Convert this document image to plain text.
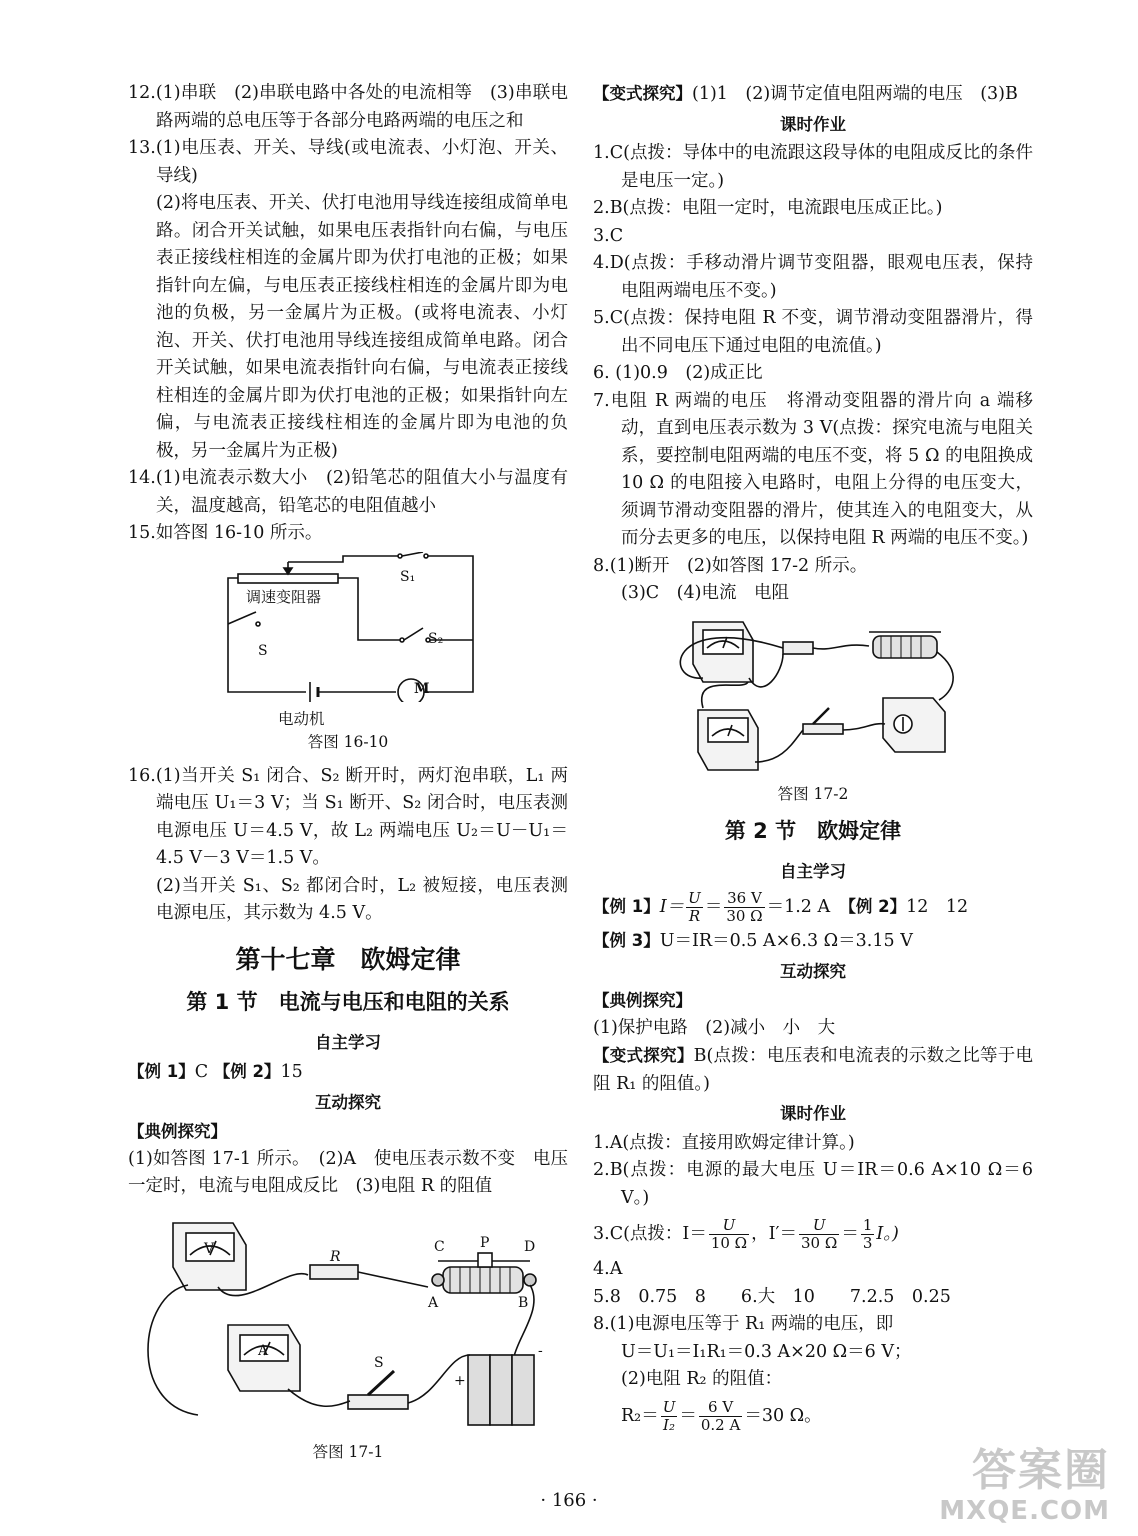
12.(1)串联　(2)串联电路中各处的电流相等　(3)串联电路两端的总电压等于各部分电路两端的电压之和

13.(1)电压表、开关、导线(或电流表、小灯泡、开关、导线)

(2)将电压表、开关、伏打电池用导线连接组成简单电路。闭合开关试触，如果电压表指针向右偏，与电压表正接线柱相连的金属片即为伏打电池的正极；如果指针向左偏，与电压表正接线柱相连的金属片即为电池的负极，另一金属片为正极。(或将电流表、小灯泡、开关、伏打电池用导线连接组成简单电路。闭合开关试触，如果电流表指针向右偏，与电流表正接线柱相连的金属片即为伏打电池的正极；如果指针向左偏，与电流表正接线柱相连的金属片即为电池的负极，另一金属片为正极)

14.(1)电流表示数大小　(2)铅笔芯的阻值大小与温度有关，温度越高，铅笔芯的电阻值越小

15.如答图 16-10 所示。

调速变阻器
S₁
S₂
S
M

电动机

答图 16-10

16.(1)当开关 S₁ 闭合、S₂ 断开时，两灯泡串联，L₁ 两端电压 U₁＝3 V；当 S₁ 断开、S₂ 闭合时，电压表测电源电压 U＝4.5 V，故 L₂ 两端电压 U₂＝U－U₁＝4.5 V－3 V＝1.5 V。

(2)当开关 S₁、S₂ 都闭合时，L₂ 被短接，电压表测电源电压，其示数为 4.5 V。

第十七章　欧姆定律
第 1 节　电流与电压和电阻的关系
自主学习

【例 1】C 【例 2】15

互动探究

【典例探究】

(1)如答图 17-1 所示。　(2)A　使电压表示数不变　电压一定时，电流与电阻成反比　(3)电阻 R 的阻值

V	R
C	P D
A	B
A
S
+
-

答图 17-1

【变式探究】(1)1　(2)调节定值电阻两端的电压　(3)B

课时作业

1.C(点拨：导体中的电流跟这段导体的电阻成反比的条件是电压一定。)

2.B(点拨：电阻一定时，电流跟电压成正比。)

3.C

4.D(点拨：手移动滑片调节变阻器，眼观电压表，保持电阻两端电压不变。)

5.C(点拨：保持电阻 R 不变，调节滑动变阻器滑片，得出不同电压下通过电阻的电流值。)

6. (1)0.9　(2)成正比

7.电阻 R 两端的电压　将滑动变阻器的滑片向 a 端移动，直到电压表示数为 3 V(点拨：探究电流与电阻关系，要控制电阻两端的电压不变，将 5 Ω 的电阻换成 10 Ω 的电阻接入电路时，电阻上分得的电压变大，须调节滑动变阻器的滑片，使其连入的电阻变大，从而分去更多的电压，以保持电阻 R 两端的电压不变。)

8.(1)断开　(2)如答图 17-2 所示。

(3)C　(4)电流　电阻

答图 17-2

第 2 节　欧姆定律
自主学习

【例 1】$I= \frac{U}{R} = \frac{36 V}{30 \Omega} =1.2$ A　 【例 2】12　12

【例 3】U＝IR＝0.5 A×6.3 Ω＝3.15 V

互动探究

【典例探究】

(1)保护电路　(2)减小　小　大

【变式探究】B(点拨：电压表和电流表的示数之比等于电阻 R₁ 的阻值。)

课时作业

1.A(点拨：直接用欧姆定律计算。)

2.B(点拨：电源的最大电压 U＝IR＝0.6 A×10 Ω＝6 V。)

3.C(点拨：$I= \frac{U}{10 \Omega}$ ，$I'= \frac{U}{30 \Omega} = \frac{1}{3}$ I。)

4.A

5.8　0.75　8　　6.大　10　　7.2.5　0.25

8.(1)电源电压等于 R₁ 两端的电压，即

U＝U₁＝I₁R₁＝0.3 A×20 Ω＝6 V；

(2)电阻 R₂ 的阻值：

$R_2= \frac{U}{\text{I₂}} = \frac{6 V}{0.2 A} =30$ Ω。

· 166 ·
答案圈
MXQE.COM
